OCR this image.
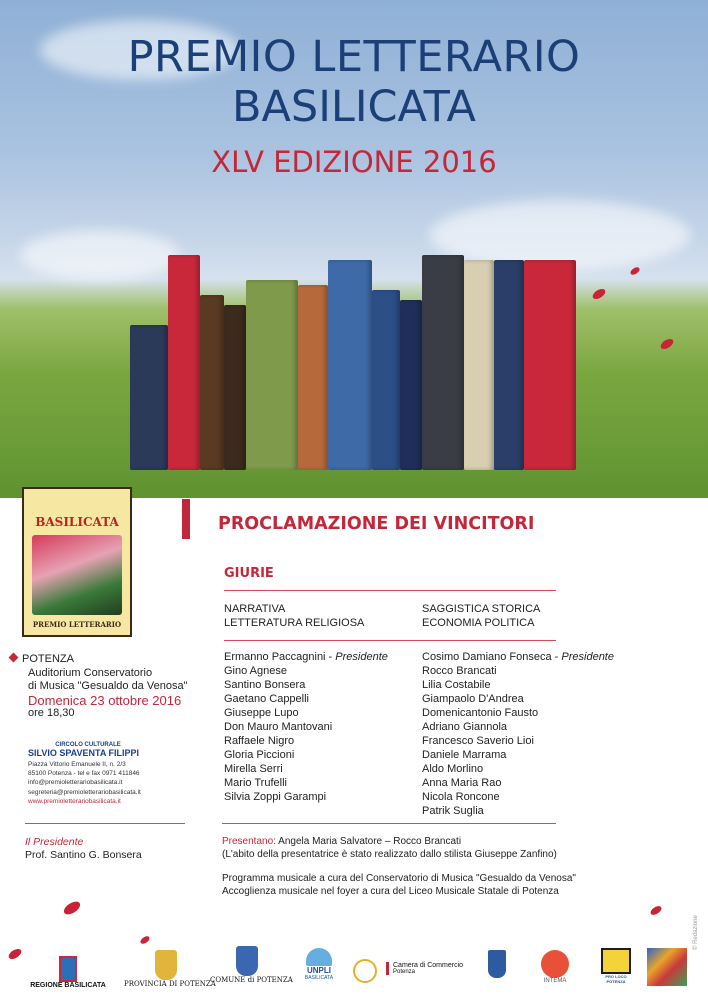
PREMIO LETTERARIO
BASILICATA
XLV EDIZIONE 2016
BASILICATA
PREMIO LETTERARIO
PROCLAMAZIONE DEI VINCITORI
GIURIE
NARRATIVA
LETTERATURA RELIGIOSA
SAGGISTICA STORICA
ECONOMIA POLITICA
Ermanno Paccagnini - Presidente
Gino Agnese
Santino Bonsera
Gaetano Cappelli
Giuseppe Lupo
Don Mauro Mantovani
Raffaele Nigro
Gloria Piccioni
Mirella Serri
Mario Trufelli
Silvia Zoppi Garampi
Cosimo Damiano Fonseca - Presidente
Rocco Brancati
Lilia Costabile
Giampaolo D'Andrea
Domenicantonio Fausto
Adriano Giannola
Francesco Saverio Lioi
Daniele Marrama
Aldo Morlino
Anna Maria Rao
Nicola Roncone
Patrik Suglia
POTENZA
Auditorium Conservatorio
di Musica "Gesualdo da Venosa"
Domenica 23 ottobre 2016
ore 18,30
CIRCOLO CULTURALE
SILVIO SPAVENTA FILIPPI
Piazza Vittorio Emanuele II, n. 2/3
85100 Potenza - tel e fax 0971 411846
info@premioletterariobasilicata.it
segreteria@premioletterariobasilicata.it
www.premioletterariobasilicata.it
Il Presidente
Prof. Santino G. Bonsera
Presentano: Angela Maria Salvatore – Rocco Brancati
(L'abito della presentatrice è stato realizzato dallo stilista Giuseppe Zanfino)
Programma musicale a cura del Conservatorio di Musica "Gesualdo da Venosa"
Accoglienza musicale nel foyer a cura del Liceo Musicale Statale di Potenza
REGIONE BASILICATA	PROVINCIA DI POTENZA
COMUNE di POTENZA
UNPLI
BASILICATA
Camera di Commercio
Potenza
INTEMA
PRO LOCO POTENZA
© Redazione
